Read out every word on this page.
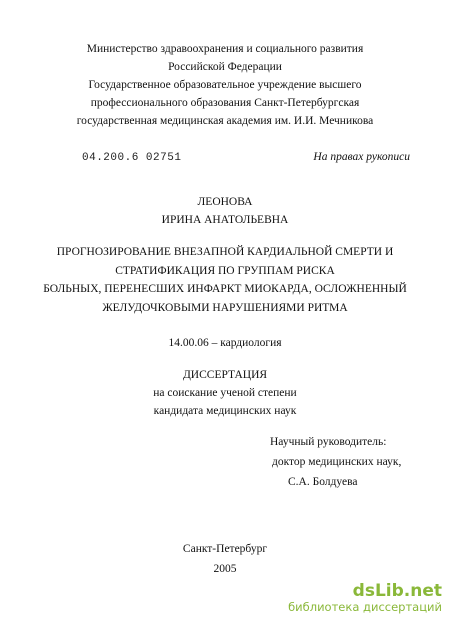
Министерство здравоохранения и социального развития
Российской Федерации
Государственное образовательное учреждение высшего
профессионального образования Санкт-Петербургская
государственная медицинская академия им. И.И. Мечникова
04.200.6 02751	На правах рукописи
ЛЕОНОВА
ИРИНА АНАТОЛЬЕВНА
ПРОГНОЗИРОВАНИЕ ВНЕЗАПНОЙ КАРДИАЛЬНОЙ СМЕРТИ И
СТРАТИФИКАЦИЯ ПО ГРУППАМ РИСКА
БОЛЬНЫХ, ПЕРЕНЕСШИХ ИНФАРКТ МИОКАРДА, ОСЛОЖНЕННЫЙ
ЖЕЛУДОЧКОВЫМИ НАРУШЕНИЯМИ РИТМА
14.00.06 – кардиология
ДИССЕРТАЦИЯ
на соискание ученой степени
кандидата медицинских наук
Научный руководитель:
доктор медицинских наук,
С.А. Болдуева
Санкт-Петербург
2005
dsLib.net
библиотека диссертаций
